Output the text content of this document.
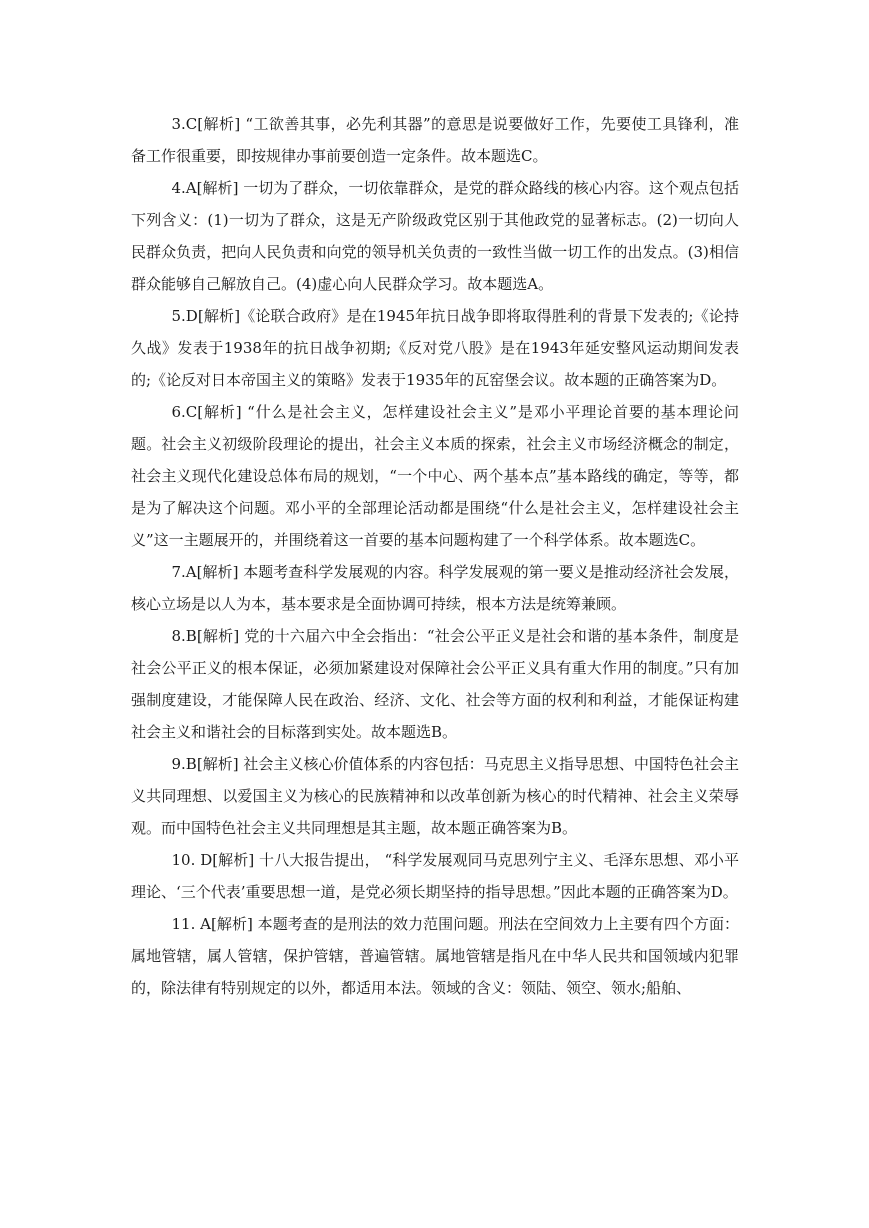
3.C[解析] “工欲善其事，必先利其器”的意思是说要做好工作，先要使工具锋利，准备工作很重要，即按规律办事前要创造一定条件。故本题选C。

4.A[解析] 一切为了群众，一切依靠群众，是党的群众路线的核心内容。这个观点包括下列含义：(1)一切为了群众，这是无产阶级政党区别于其他政党的显著标志。(2)一切向人民群众负责，把向人民负责和向党的领导机关负责的一致性当做一切工作的出发点。(3)相信群众能够自己解放自己。(4)虚心向人民群众学习。故本题选A。

5.D[解析]《论联合政府》是在1945年抗日战争即将取得胜利的背景下发表的;《论持久战》发表于1938年的抗日战争初期;《反对党八股》是在1943年延安整风运动期间发表的;《论反对日本帝国主义的策略》发表于1935年的瓦窑堡会议。故本题的正确答案为D。

6.C[解析] “什么是社会主义，怎样建设社会主义”是邓小平理论首要的基本理论问题。社会主义初级阶段理论的提出，社会主义本质的探索，社会主义市场经济概念的制定，社会主义现代化建设总体布局的规划，“一个中心、两个基本点”基本路线的确定，等等，都是为了解决这个问题。邓小平的全部理论活动都是围绕“什么是社会主义，怎样建设社会主义”这一主题展开的，并围绕着这一首要的基本问题构建了一个科学体系。故本题选C。

7.A[解析] 本题考查科学发展观的内容。科学发展观的第一要义是推动经济社会发展，核心立场是以人为本，基本要求是全面协调可持续，根本方法是统筹兼顾。

8.B[解析] 党的十六届六中全会指出：“社会公平正义是社会和谐的基本条件，制度是社会公平正义的根本保证，必须加紧建设对保障社会公平正义具有重大作用的制度。”只有加强制度建设，才能保障人民在政治、经济、文化、社会等方面的权利和利益，才能保证构建社会主义和谐社会的目标落到实处。故本题选B。

9.B[解析] 社会主义核心价值体系的内容包括：马克思主义指导思想、中国特色社会主义共同理想、以爱国主义为核心的民族精神和以改革创新为核心的时代精神、社会主义荣辱观。而中国特色社会主义共同理想是其主题，故本题正确答案为B。

10. D[解析] 十八大报告提出， “科学发展观同马克思列宁主义、毛泽东思想、邓小平理论、‘三个代表’重要思想一道，是党必须长期坚持的指导思想。”因此本题的正确答案为D。

11. A[解析] 本题考查的是刑法的效力范围问题。刑法在空间效力上主要有四个方面：属地管辖，属人管辖，保护管辖，普遍管辖。属地管辖是指凡在中华人民共和国领域内犯罪的，除法律有特别规定的以外，都适用本法。领域的含义：领陆、领空、领水;船舶、
